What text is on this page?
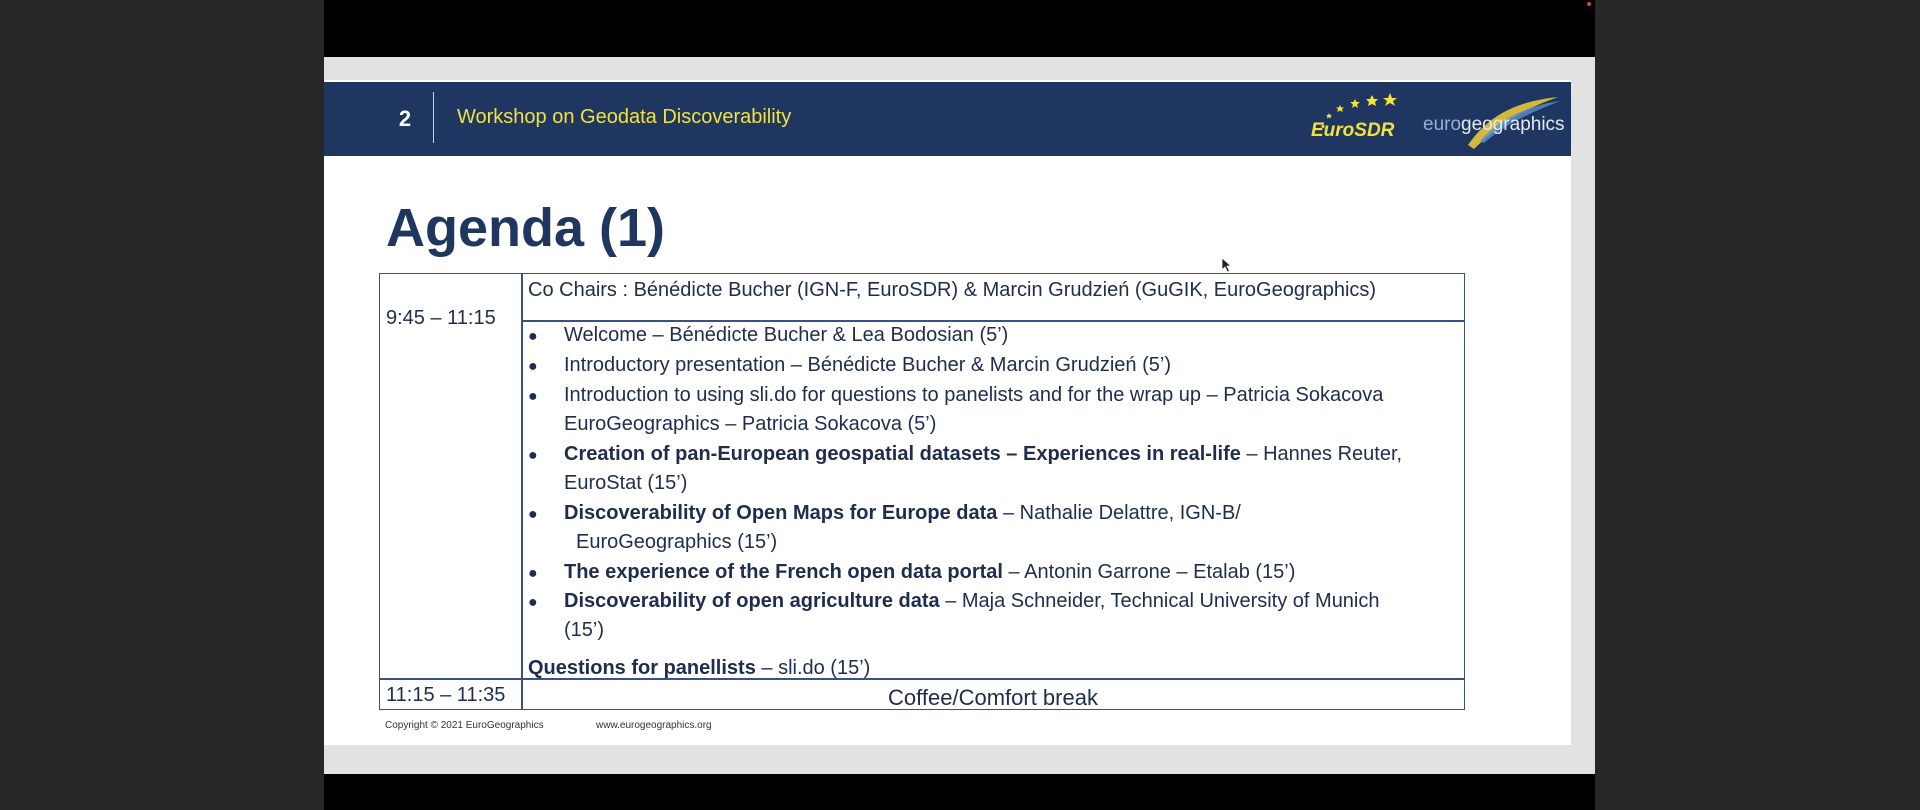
2	Workshop on Geodata Discoverability
EuroSDR eurogeographics
Agenda (1)
9:45 – 11:15
Co Chairs : Bénédicte Bucher (IGN-F, EuroSDR) & Marcin Grudzień (GuGIK, EuroGeographics)
● Welcome – Bénédicte Bucher & Lea Bodosian (5’)
● Introductory presentation – Bénédicte Bucher & Marcin Grudzień (5’)
● Introduction to using sli.do for questions to panelists and for the wrap up – Patricia Sokacova
EuroGeographics – Patricia Sokacova (5’)
● Creation of pan-European geospatial datasets – Experiences in real-life – Hannes Reuter,
EuroStat (15’)
● Discoverability of Open Maps for Europe data – Nathalie Delattre, IGN-B/
EuroGeographics (15’)
● The experience of the French open data portal – Antonin Garrone – Etalab (15’)
● Discoverability of open agriculture data – Maja Schneider, Technical University of Munich
(15’)
Questions for panellists – sli.do (15’)
11:15 – 11:35	Coffee/Comfort break
Copyright © 2021 EuroGeographics	www.eurogeographics.org
